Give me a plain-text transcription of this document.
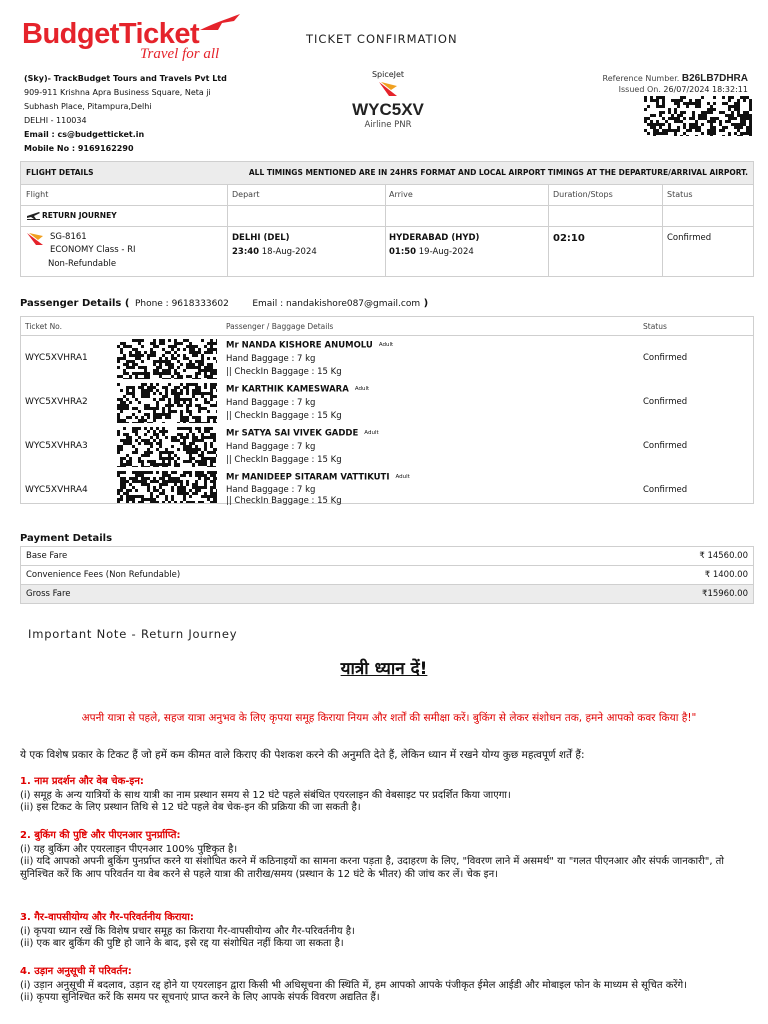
BudgetTicket
Travel for all
TICKET CONFIRMATION
(Sky)- TrackBudget Tours and Travels Pvt Ltd
909-911 Krishna Apra Business Square, Neta ji
Subhash Place, Pitampura,Delhi
DELHI - 110034
Email : cs@budgetticket.in
Mobile No : 9169162290
SpiceJet
WYC5XV
Airline PNR
Reference Number. B26LB7DHRA
Issued On. 26/07/2024 18:32:11
FLIGHT DETAILS	ALL TIMINGS MENTIONED ARE IN 24HRS FORMAT AND LOCAL AIRPORT TIMINGS AT THE DEPARTURE/ARRIVAL AIRPORT.
Flight	Depart	Arrive	Duration/Stops	Status
RETURN JOURNEY
SG-8161
ECONOMY Class - RI
Non-Refundable
DELHI (DEL)
23:40 18-Aug-2024
HYDERABAD (HYD)
01:50 19-Aug-2024
02:10	Confirmed
Passenger Details ( Phone : 9618333602	Email : nandakishore087@gmail.com )
Ticket No.	Passenger / Baggage Details	Status
WYC5XVHRA1
Mr NANDA KISHORE ANUMOLU Adult
Hand Baggage : 7 kg
|| CheckIn Baggage : 15 Kg
Confirmed
WYC5XVHRA2
Mr KARTHIK KAMESWARA Adult
Hand Baggage : 7 kg
|| CheckIn Baggage : 15 Kg
Confirmed
WYC5XVHRA3
Mr SATYA SAI VIVEK GADDE Adult
Hand Baggage : 7 kg
|| CheckIn Baggage : 15 Kg
Confirmed
WYC5XVHRA4
Mr MANIDEEP SITARAM VATTIKUTI Adult
Hand Baggage : 7 kg
|| CheckIn Baggage : 15 Kg
Confirmed
Payment Details
Base Fare	₹ 14560.00
Convenience Fees (Non Refundable)	₹ 1400.00
Gross Fare	₹15960.00
Important Note - Return Journey
यात्री ध्यान दें!
अपनी यात्रा से पहले, सहज यात्रा अनुभव के लिए कृपया समूह किराया नियम और शर्तों की समीक्षा करें। बुकिंग से लेकर संशोधन तक, हमने आपको कवर किया है!"
ये एक विशेष प्रकार के टिकट हैं जो हमें कम कीमत वाले किराए की पेशकश करने की अनुमति देते हैं, लेकिन ध्यान में रखने योग्य कुछ महत्वपूर्ण शर्तें हैं:
1. नाम प्रदर्शन और वेब चेक-इन:
(i) समूह के अन्य यात्रियों के साथ यात्री का नाम प्रस्थान समय से 12 घंटे पहले संबंधित एयरलाइन की वेबसाइट पर प्रदर्शित किया जाएगा।
(ii) इस टिकट के लिए प्रस्थान तिथि से 12 घंटे पहले वेब चेक-इन की प्रक्रिया की जा सकती है।
2. बुकिंग की पुष्टि और पीएनआर पुनर्प्राप्ति:
(i) यह बुकिंग और एयरलाइन पीएनआर 100% पुष्टिकृत है।
(ii) यदि आपको अपनी बुकिंग पुनर्प्राप्त करने या संशोधित करने में कठिनाइयों का सामना करना पड़ता है, उदाहरण के लिए, "विवरण लाने में असमर्थ" या "गलत पीएनआर और संपर्क जानकारी", तो सुनिश्चित करें कि आप परिवर्तन या वेब करने से पहले यात्रा की तारीख/समय (प्रस्थान के 12 घंटे के भीतर) की जांच कर लें। चेक इन।
3. गैर-वापसीयोग्य और गैर-परिवर्तनीय किराया:
(i) कृपया ध्यान रखें कि विशेष प्रचार समूह का किराया गैर-वापसीयोग्य और गैर-परिवर्तनीय है।
(ii) एक बार बुकिंग की पुष्टि हो जाने के बाद, इसे रद्द या संशोधित नहीं किया जा सकता है।
4. उड़ान अनुसूची में परिवर्तन:
(i) उड़ान अनुसूची में बदलाव, उड़ान रद्द होने या एयरलाइन द्वारा किसी भी अधिसूचना की स्थिति में, हम आपको आपके पंजीकृत ईमेल आईडी और मोबाइल फोन के माध्यम से सूचित करेंगे।
(ii) कृपया सुनिश्चित करें कि समय पर सूचनाएं प्राप्त करने के लिए आपके संपर्क विवरण अद्यतित हैं।
